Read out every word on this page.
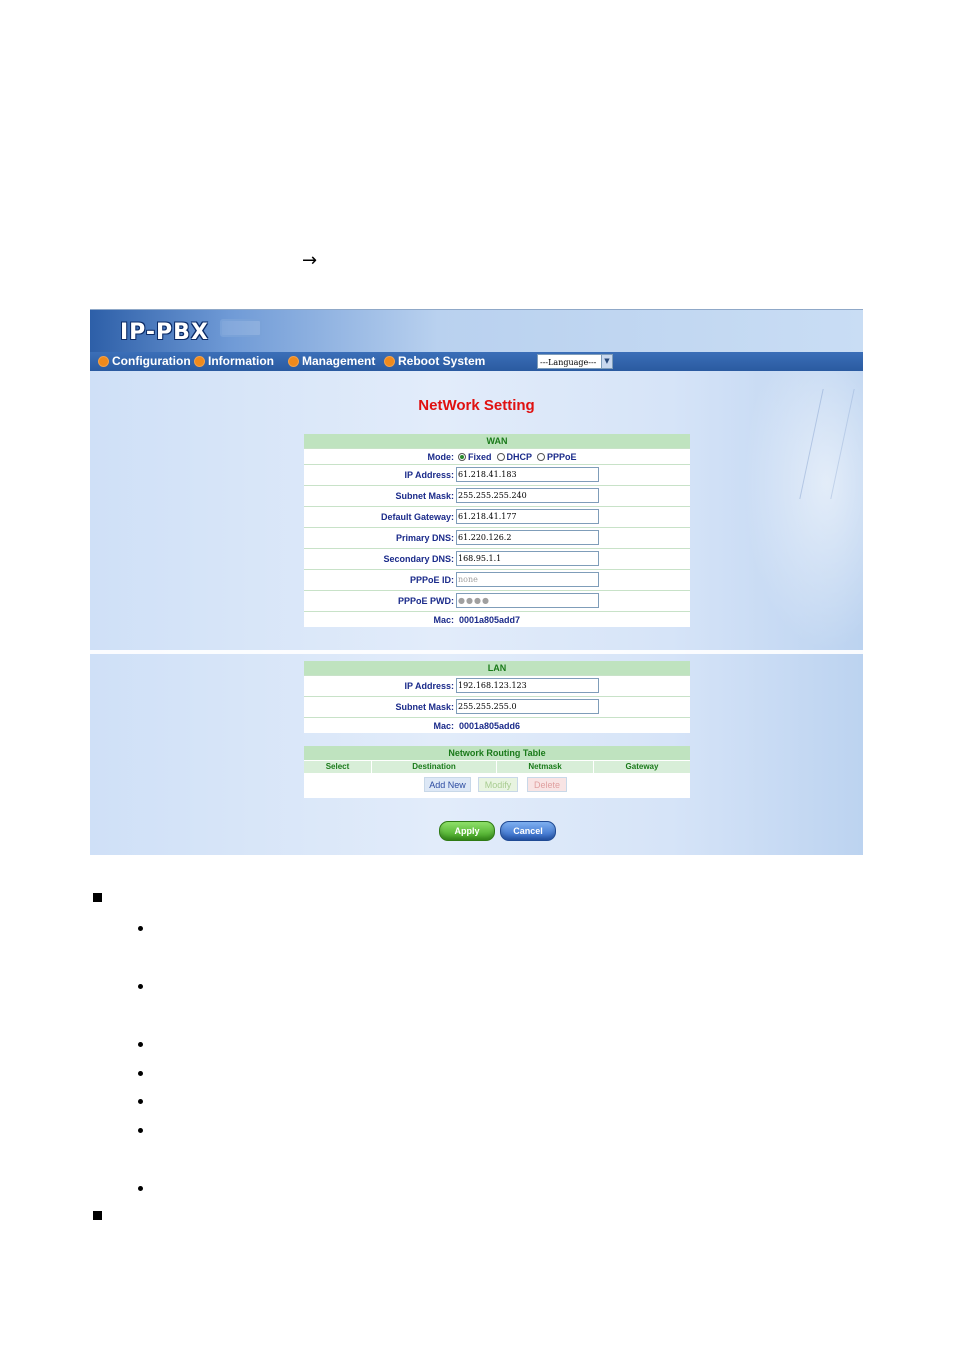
→
IP-PBX
Configuration Information Management Reboot System	---Language---	▼
NetWork Setting
WAN
Mode: Fixed DHCP PPPoE
IP Address: 61.218.41.183
Subnet Mask: 255.255.255.240
Default Gateway: 61.218.41.177
Primary DNS: 61.220.126.2
Secondary DNS: 168.95.1.1
PPPoE ID: none
PPPoE PWD: ●●●●
Mac: 0001a805add7
LAN
IP Address: 192.168.123.123
Subnet Mask: 255.255.255.0
Mac: 0001a805add6
Network Routing Table
Select	Destination	Netmask	Gateway
Add New	Modify	Delete
Apply	Cancel
